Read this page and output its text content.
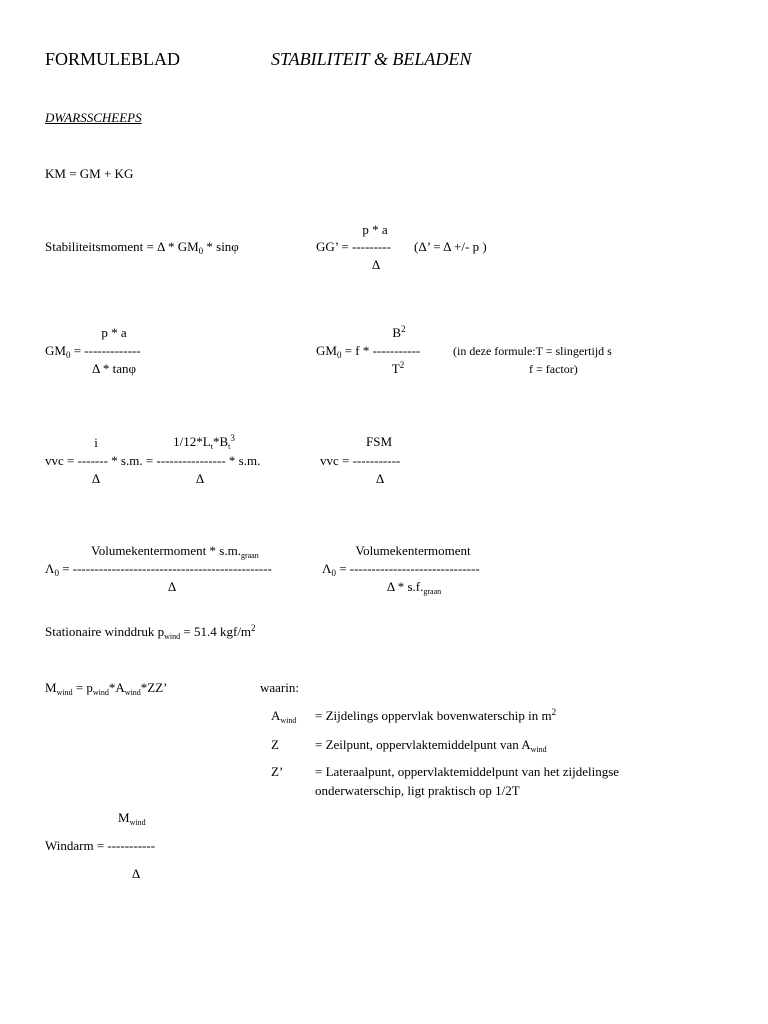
FORMULEBLAD	STABILITEIT & BELADEN
DWARSSCHEEPS
KM = GM + KG
Stabiliteitsmoment = Δ * $GM_0$ * sinφ
p * a
GG’ = --------- (Δ’ = Δ +/- p )
Δ
p * a
$GM_0$ = -------------
Δ * tanφ
$B^2$
$GM_0 = f$ * -----------
$T^2$
(in deze formule:T = slingertijd s
f = factor)
i	$1/12*L_t*B_t^3$
vvc = ------- * s.m. = ---------------- * s.m.
Δ	Δ
FSM
vvc = -----------
Δ
Volumekentermoment * $s.m._{graan}$
$\Lambda_0$ = ----------------------------------------------
Δ
Volumekentermoment
$\Lambda_0$ = ------------------------------
Δ * $s.f._{graan}$
Stationaire winddruk $p_{wind} = 51.4$ kgf/$m^2$
$M_{wind} = p_{wind}*A_{wind}*ZZ$’	waarin:
$A_{wind}$ = Zijdelings oppervlak bovenwaterschip in $m^2$
Z	= Zeilpunt, oppervlaktemiddelpunt van $A_{wind}$
Z’ = Lateraalpunt, oppervlaktemiddelpunt van het zijdelingse
onderwaterschip, ligt praktisch op 1/2T
$M_{wind}$
Windarm = -----------
Δ
